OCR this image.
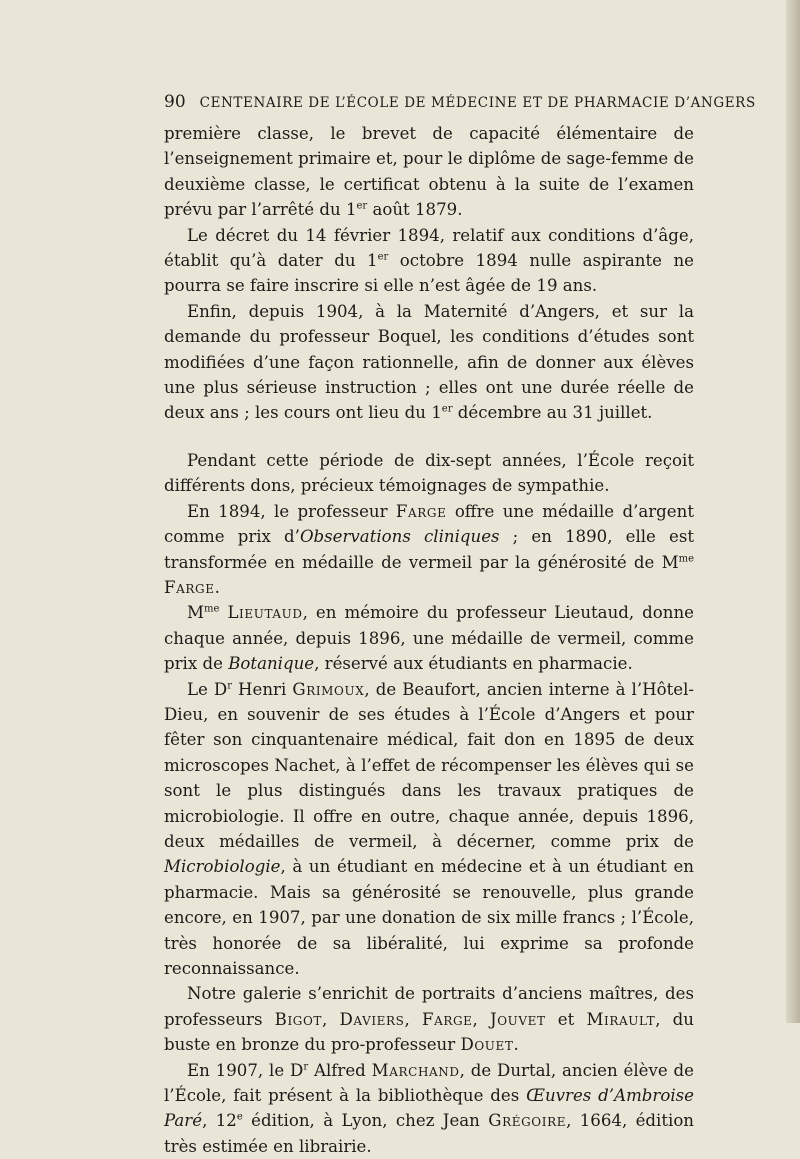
90 CENTENAIRE DE L’ÉCOLE DE MÉDECINE ET DE PHARMACIE D’ANGERS

première classe, le brevet de capacité élémentaire de l’enseignement primaire et, pour le diplôme de sage-femme de deuxième classe, le certificat obtenu à la suite de l’examen prévu par l’arrêté du 1er août 1879.

Le décret du 14 février 1894, relatif aux conditions d’âge, établit qu’à dater du 1er octobre 1894 nulle aspirante ne pourra se faire inscrire si elle n’est âgée de 19 ans.

Enfin, depuis 1904, à la Maternité d’Angers, et sur la demande du professeur Boquel, les conditions d’études sont modifiées d’une façon rationnelle, afin de donner aux élèves une plus sérieuse instruction ; elles ont une durée réelle de deux ans ; les cours ont lieu du 1er décembre au 31 juillet.

Pendant cette période de dix-sept années, l’École reçoit différents dons, précieux témoignages de sympathie.

En 1894, le professeur Farge offre une médaille d’argent comme prix d’Observations cliniques ; en 1890, elle est transformée en médaille de vermeil par la générosité de $M^{me}$ Farge.

$M^{me}$ Lieutaud, en mémoire du professeur Lieutaud, donne chaque année, depuis 1896, une médaille de vermeil, comme prix de Botanique, réservé aux étudiants en pharmacie.

Le $D^r$ Henri Grimoux, de Beaufort, ancien interne à l’Hôtel-Dieu, en souvenir de ses études à l’École d’Angers et pour fêter son cinquantenaire médical, fait don en 1895 de deux microscopes Nachet, à l’effet de récompenser les élèves qui se sont le plus distingués dans les travaux pratiques de microbiologie. Il offre en outre, chaque année, depuis 1896, deux médailles de vermeil, à décerner, comme prix de Microbiologie, à un étudiant en médecine et à un étudiant en pharmacie. Mais sa générosité se renouvelle, plus grande encore, en 1907, par une donation de six mille francs ; l’École, très honorée de sa libéralité, lui exprime sa profonde reconnaissance.

Notre galerie s’enrichit de portraits d’anciens maîtres, des professeurs Bigot, Daviers, Farge, Jouvet et Mirault, du buste en bronze du pro-professeur Douet.

En 1907, le $D^r$ Alfred Marchand, de Durtal, ancien élève de l’École, fait présent à la bibliothèque des Œuvres d’Ambroise Paré, 12e édition, à Lyon, chez Jean Grégoire, 1664, édition très estimée en librairie.
